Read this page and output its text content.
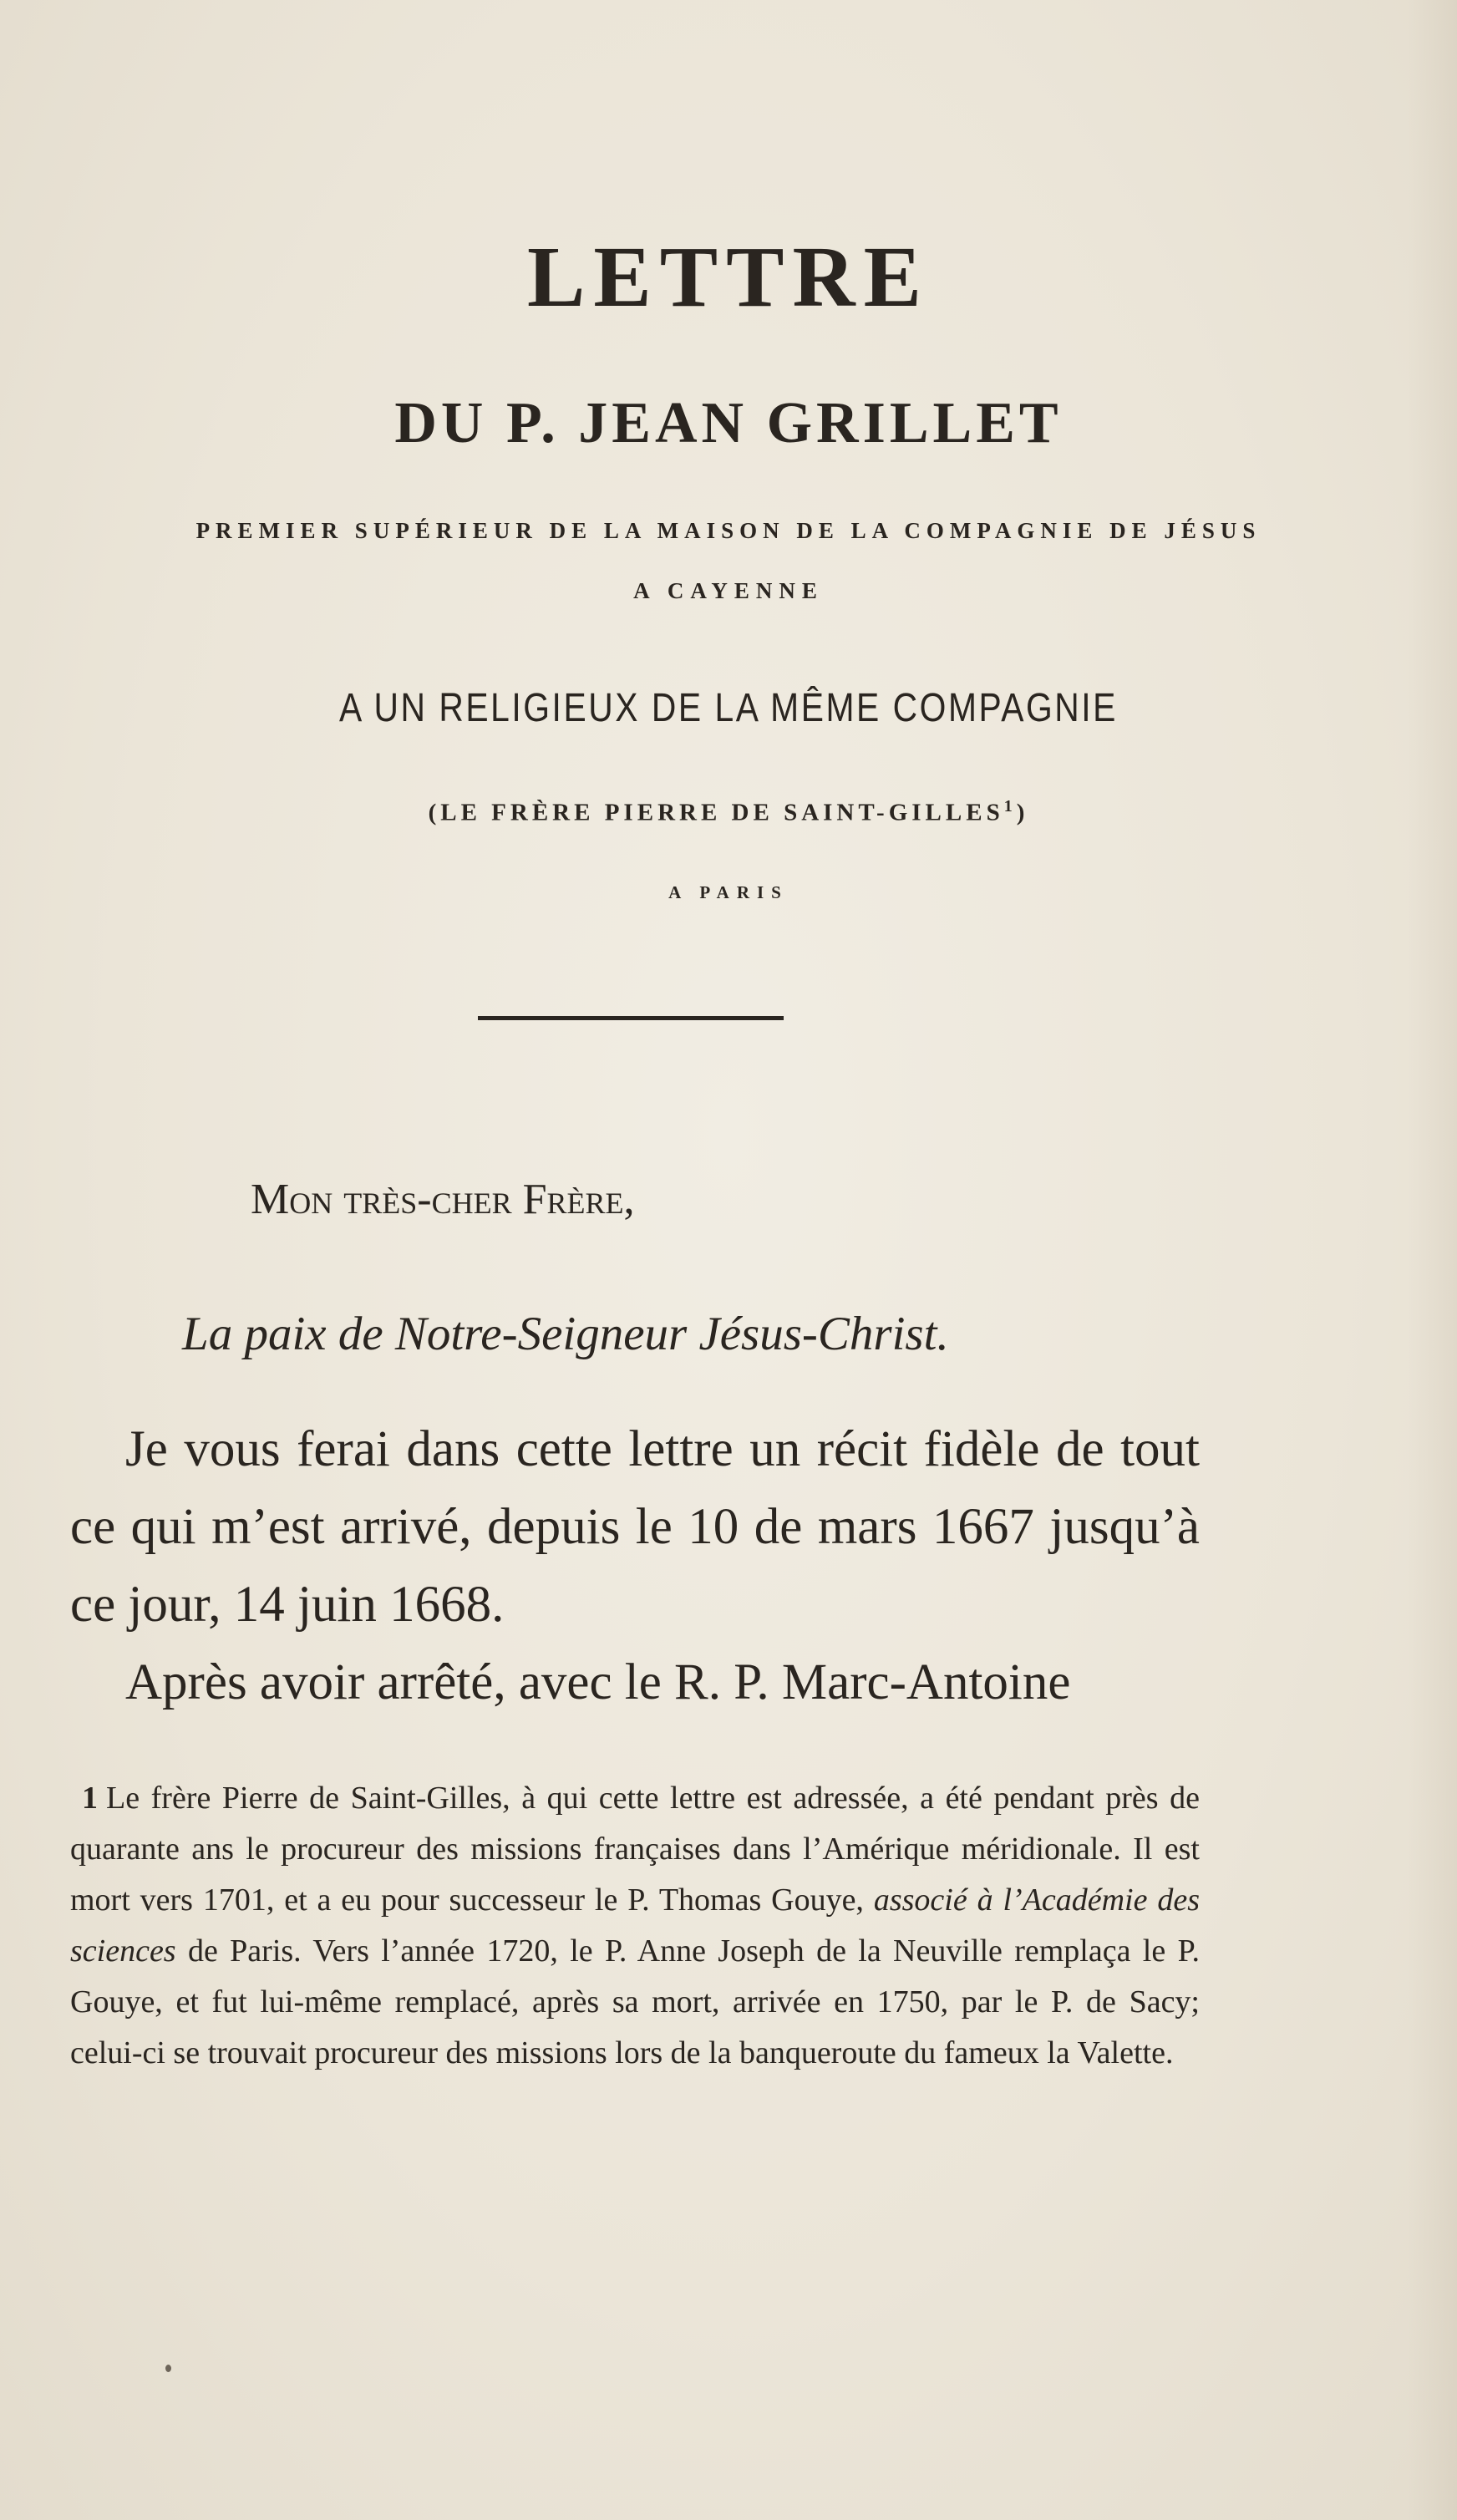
LETTRE
DU P. JEAN GRILLET
PREMIER SUPÉRIEUR DE LA MAISON DE LA COMPAGNIE DE JÉSUS
A CAYENNE
A UN RELIGIEUX DE LA MÊME COMPAGNIE
(LE FRÈRE PIERRE DE SAINT-GILLES$^1$)
A PARIS
Mon très-cher Frère,
La paix de Notre-Seigneur Jésus-Christ.

Je vous ferai dans cette lettre un récit fidèle de tout ce qui m’est arrivé, depuis le 10 de mars 1667 jusqu’à ce jour, 14 juin 1668.

Après avoir arrêté, avec le R. P. Marc-Antoine

1 Le frère Pierre de Saint-Gilles, à qui cette lettre est adressée, a été pendant près de quarante ans le procureur des missions françaises dans l’Amérique méridionale. Il est mort vers 1701, et a eu pour successeur le P. Thomas Gouye, associé à l’Académie des sciences de Paris. Vers l’année 1720, le P. Anne Joseph de la Neuville remplaça le P. Gouye, et fut lui-même remplacé, après sa mort, arrivée en 1750, par le P. de Sacy; celui-ci se trouvait procureur des missions lors de la banqueroute du fameux la Valette.
